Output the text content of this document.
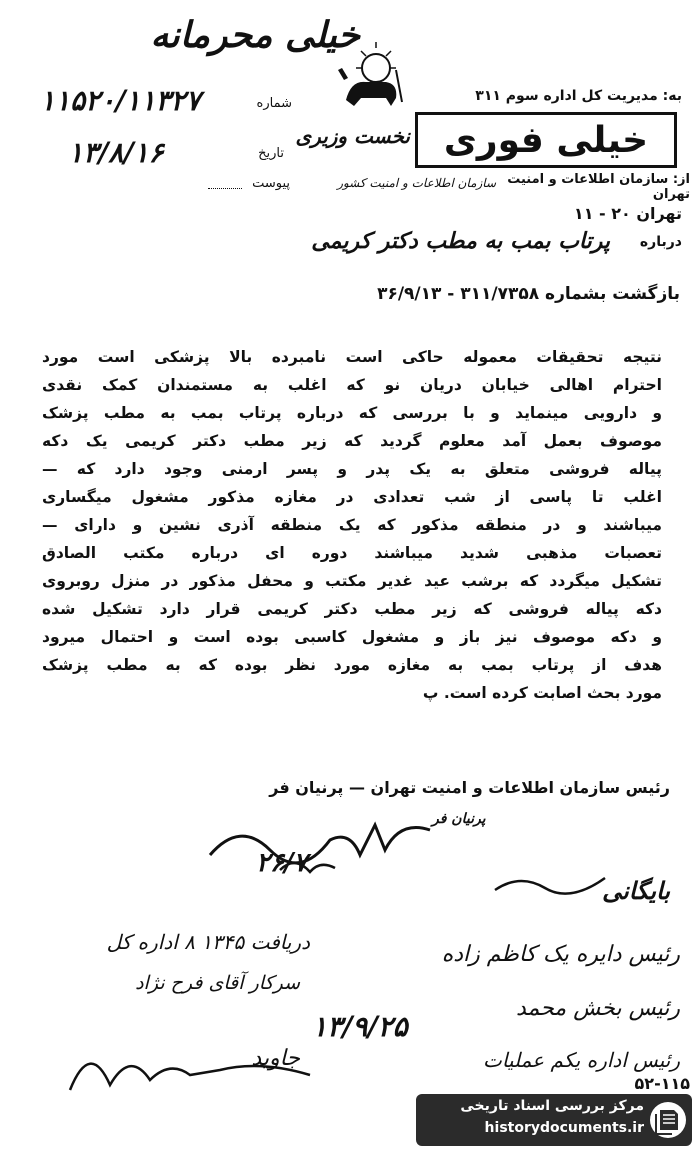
خیلی محرمانه
۱۱۵۲۰/۱۱۳۲۷	شماره	به: مدیریت کل اداره سوم ۳۱۱
خیلی فوری
نخست وزیری
۱۳/۸/۱۶	تاریخ
پیوست	از: سازمان اطلاعات و امنیت تهران
سازمان اطلاعات و امنیت کشور
تهران ۲۰ - ۱۱
درباره
پرتاب بمب به مطب دکتر کریمی
بازگشت بشماره ۳۱۱/۷۳۵۸ - ۳۶/۹/۱۳
نتیجه تحقیقات معموله حاکی است نامبرده بالا پزشکی است مورد
احترام اهالی خیابان دریان نو که اغلب به مستمندان کمک نقدی
و دارویی مینماید و با بررسی که درباره پرتاب بمب به مطب پزشک
موصوف بعمل آمد معلوم گردید که زیر مطب دکتر کریمی یک دکه
پیاله فروشی متعلق به یک پدر و پسر ارمنی وجود دارد که —
اغلب تا پاسی از شب تعدادی در مغازه مذکور مشغول میگساری
میباشند و در منطقه مذکور که یک منطقه آذری نشین و دارای —
تعصبات مذهبی شدید میباشند دوره ای درباره مکتب الصادق
تشکیل میگردد که برشب عید غدیر مکتب و محفل مذکور در منزل روبروی
دکه پیاله فروشی که زیر مطب دکتر کریمی قرار دارد تشکیل شده
و دکه موصوف نیز باز و مشغول کاسبی بوده است و احتمال میرود
هدف از پرتاب بمب به مغازه مورد نظر بوده که به مطب پزشک
مورد بحث اصابت کرده است. پ
رئیس سازمان اطلاعات و امنیت تهران — پرنیان فر
پرنیان فر
۲۶/۷
بایگانی
دریافت ۱۳۴۵ ۸ اداره کل
سرکار آقای فرح نژاد
رئیس دایره یک کاظم زاده
رئیس بخش محمد
۱۳/۹/۲۵
رئیس اداره یکم عملیات
جاوید
۵۲-۱۱۵
مرکز بررسی اسناد تاریخی
historydocuments.ir
